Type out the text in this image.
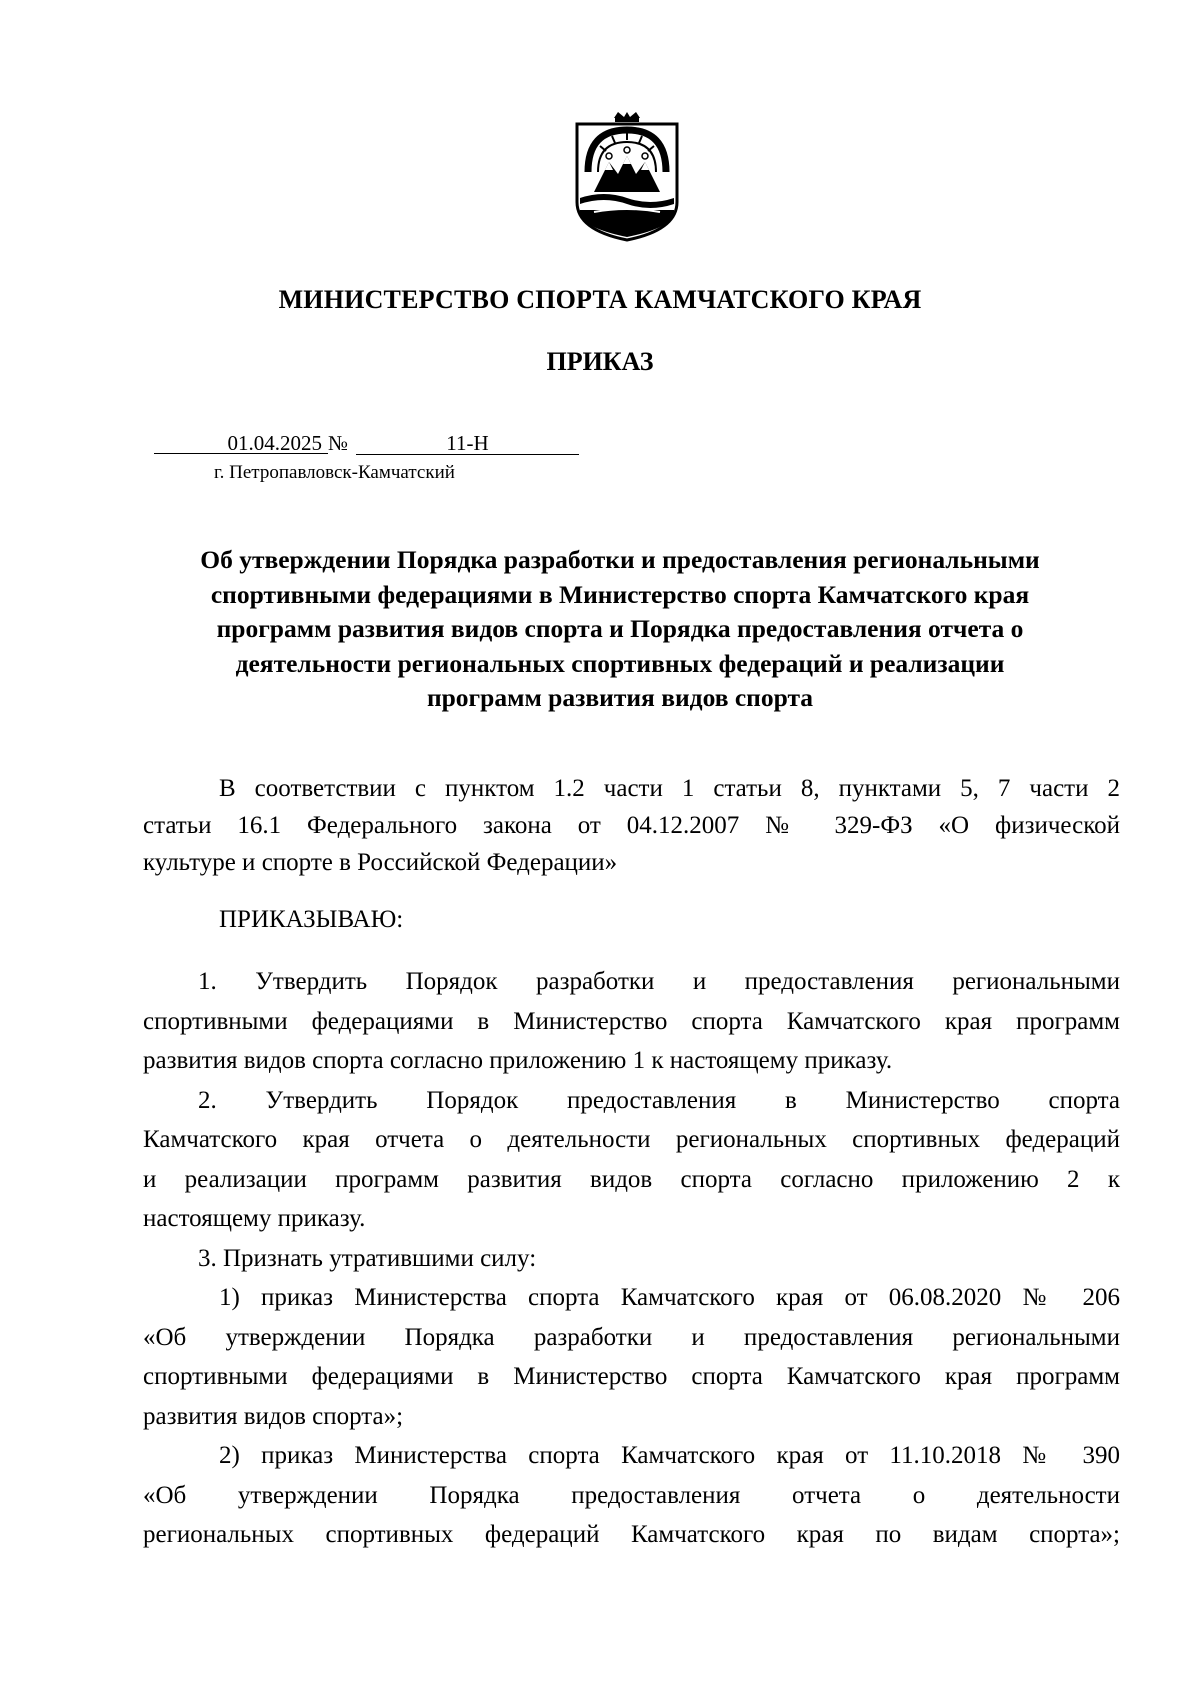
МИНИСТЕРСТВО СПОРТА КАМЧАТСКОГО КРАЯ
ПРИКАЗ
01.04.2025 №	11-Н
г. Петропавловск-Камчатский
Об утверждении Порядка разработки и предоставления региональными
спортивными федерациями в Министерство спорта Камчатского края
программ развития видов спорта и Порядка предоставления отчета о
деятельности региональных спортивных федераций и реализации
программ развития видов спорта
В соответствии с пунктом 1.2 части 1 статьи 8, пунктами 5, 7 части 2
статьи 16.1 Федерального закона от 04.12.2007 № 329-ФЗ «О физической
культуре и спорте в Российской Федерации»
ПРИКАЗЫВАЮ:
1. Утвердить Порядок разработки и предоставления региональными
спортивными федерациями в Министерство спорта Камчатского края программ
развития видов спорта согласно приложению 1 к настоящему приказу.
2. Утвердить Порядок предоставления в Министерство спорта
Камчатского края отчета о деятельности региональных спортивных федераций
и реализации программ развития видов спорта согласно приложению 2 к
настоящему приказу.
3. Признать утратившими силу:
1) приказ Министерства спорта Камчатского края от 06.08.2020 № 206
«Об утверждении Порядка разработки и предоставления региональными
спортивными федерациями в Министерство спорта Камчатского края программ
развития видов спорта»;
2) приказ Министерства спорта Камчатского края от 11.10.2018 № 390
«Об утверждении Порядка предоставления отчета о деятельности
региональных спортивных федераций Камчатского края по видам спорта»;
